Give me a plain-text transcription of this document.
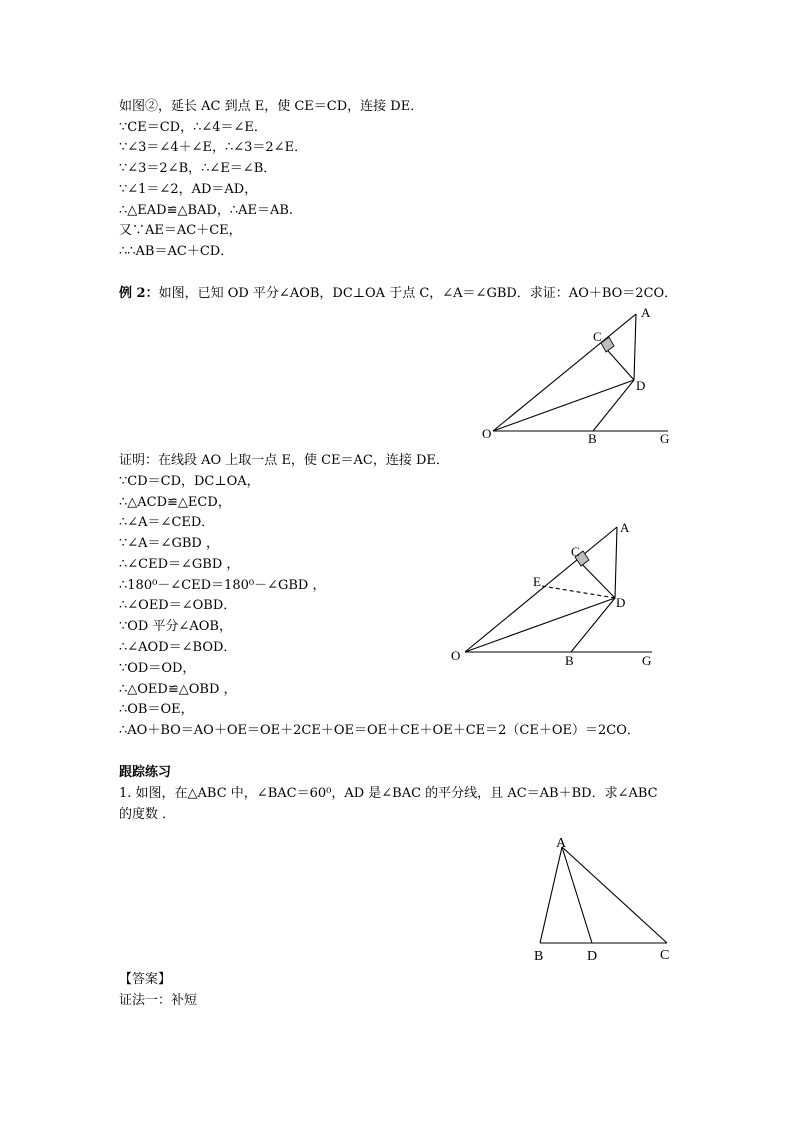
如图②，延长 AC 到点 E，使 CE＝CD，连接 DE．
∵CE＝CD，∴∠4＝∠E．
∵∠3＝∠4＋∠E，∴∠3＝2∠E．
∵∠3＝2∠B，∴∠E＝∠B．
∵∠1＝∠2，AD＝AD，
∴△EAD≌△BAD，∴AE＝AB.
又∵AE＝AC＋CE，
∴∴AB＝AC＋CD．
例 2：如图，已知 OD 平分∠AOB，DC⊥OA 于点 C，∠A＝∠GBD．求证：AO＋BO＝2CO．
A
C
D
O	B	G
证明：在线段 AO 上取一点 E，使 CE＝AC，连接 DE．
∵CD＝CD，DC⊥OA，
∴△ACD≌△ECD，
∴∠A＝∠CED．
∵∠A＝∠GBD ，
∴∠CED＝∠GBD ，
∴180⁰－∠CED＝180⁰－∠GBD ，
∴∠OED＝∠OBD．
∵OD 平分∠AOB，
∴∠AOD＝∠BOD．
∵OD＝OD，
∴△OED≌△OBD ，
∴OB＝OE，
∴AO＋BO＝AO＋OE＝OE＋2CE＋OE＝OE＋CE＋OE＋CE＝2（CE＋OE）＝2CO．
A
C
E
D
O	B	G
跟踪练习
1. 如图，在△ABC 中，∠BAC＝60⁰，AD 是∠BAC 的平分线，且 AC＝AB＋BD．求∠ABC
的度数 ．
A
B	D	C
【答案】
证法一：补短
